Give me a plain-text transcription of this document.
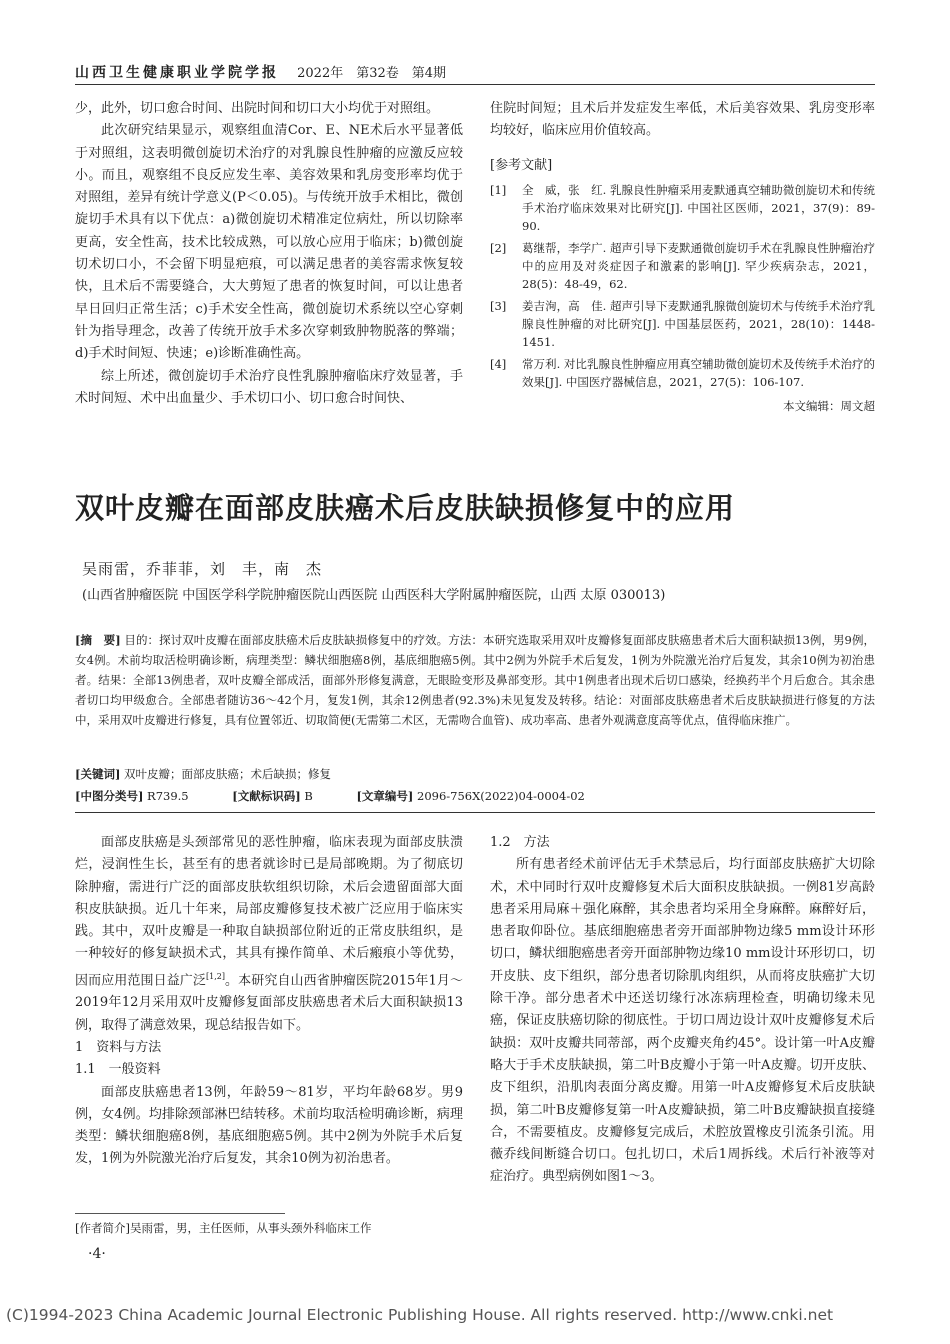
山西卫生健康职业学院学报 2022年　第32卷　第4期

少，此外，切口愈合时间、出院时间和切口大小均优于对照组。

此次研究结果显示，观察组血清Cor、E、NE术后水平显著低于对照组，这表明微创旋切术治疗的对乳腺良性肿瘤的应激反应较小。而且，观察组不良反应发生率、美容效果和乳房变形率均优于对照组，差异有统计学意义(P＜0.05)。与传统开放手术相比，微创旋切手术具有以下优点：a)微创旋切术精准定位病灶，所以切除率更高，安全性高，技术比较成熟，可以放心应用于临床；b)微创旋切术切口小，不会留下明显疤痕，可以满足患者的美容需求恢复较快，且术后不需要缝合，大大剪短了患者的恢复时间，可以让患者早日回归正常生活；c)手术安全性高，微创旋切术系统以空心穿刺针为指导理念，改善了传统开放手术多次穿刺致肿物脱落的弊端；d)手术时间短、快速；e)诊断准确性高。

综上所述，微创旋切手术治疗良性乳腺肿瘤临床疗效显著，手术时间短、术中出血量少、手术切口小、切口愈合时间快、

住院时间短；且术后并发症发生率低，术后美容效果、乳房变形率均较好，临床应用价值较高。

[参考文献]
[1]	全　威，张　红. 乳腺良性肿瘤采用麦默通真空辅助微创旋切术和传统手术治疗临床效果对比研究[J]. 中国社区医师，2021，37(9)：89-90.
[2]	葛继帮，李学广. 超声引导下麦默通微创旋切手术在乳腺良性肿瘤治疗中的应用及对炎症因子和激素的影响[J]. 罕少疾病杂志，2021，28(5)：48-49，62.
[3]	姜吉洵，高　佳. 超声引导下麦默通乳腺微创旋切术与传统手术治疗乳腺良性肿瘤的对比研究[J]. 中国基层医药，2021，28(10)：1448-1451.
[4]	常万利. 对比乳腺良性肿瘤应用真空辅助微创旋切术及传统手术治疗的效果[J]. 中国医疗器械信息，2021，27(5)：106-107.
本文编辑：周文超
双叶皮瓣在面部皮肤癌术后皮肤缺损修复中的应用
吴雨雷，乔菲菲，刘　丰，南　杰
(山西省肿瘤医院 中国医学科学院肿瘤医院山西医院 山西医科大学附属肿瘤医院，山西 太原 030013)
[摘　要] 目的：探讨双叶皮瓣在面部皮肤癌术后皮肤缺损修复中的疗效。方法：本研究选取采用双叶皮瓣修复面部皮肤癌患者术后大面积缺损13例，男9例，女4例。术前均取活检明确诊断，病理类型：鳞状细胞癌8例，基底细胞癌5例。其中2例为外院手术后复发，1例为外院激光治疗后复发，其余10例为初治患者。结果：全部13例患者，双叶皮瓣全部成活，面部外形修复满意，无眼睑变形及鼻部变形。其中1例患者出现术后切口感染，经换药半个月后愈合。其余患者切口均甲级愈合。全部患者随访36～42个月，复发1例，其余12例患者(92.3%)未见复发及转移。结论：对面部皮肤癌患者术后皮肤缺损进行修复的方法中，采用双叶皮瓣进行修复，具有位置邻近、切取简便(无需第二术区，无需吻合血管)、成功率高、患者外观满意度高等优点，值得临床推广。
[关键词] 双叶皮瓣；面部皮肤癌；术后缺损；修复
[中图分类号] R739.5	[文献标识码] B	[文章编号] 2096-756X(2022)04-0004-02

面部皮肤癌是头颈部常见的恶性肿瘤，临床表现为面部皮肤溃烂，浸润性生长，甚至有的患者就诊时已是局部晚期。为了彻底切除肿瘤，需进行广泛的面部皮肤软组织切除，术后会遗留面部大面积皮肤缺损。近几十年来，局部皮瓣修复技术被广泛应用于临床实践。其中，双叶皮瓣是一种取自缺损部位附近的正常皮肤组织，是一种较好的修复缺损术式，其具有操作简单、术后瘢痕小等优势，因而应用范围日益广泛[1,2]。本研究自山西省肿瘤医院2015年1月～2019年12月采用双叶皮瓣修复面部皮肤癌患者术后大面积缺损13例，取得了满意效果，现总结报告如下。

1　资料与方法

1.1　一般资料

面部皮肤癌患者13例，年龄59～81岁，平均年龄68岁。男9例，女4例。均排除颈部淋巴结转移。术前均取活检明确诊断，病理类型：鳞状细胞癌8例，基底细胞癌5例。其中2例为外院手术后复发，1例为外院激光治疗后复发，其余10例为初治患者。

1.2　方法

所有患者经术前评估无手术禁忌后，均行面部皮肤癌扩大切除术，术中同时行双叶皮瓣修复术后大面积皮肤缺损。一例81岁高龄患者采用局麻＋强化麻醉，其余患者均采用全身麻醉。麻醉好后，患者取仰卧位。基底细胞癌患者旁开面部肿物边缘5 mm设计环形切口，鳞状细胞癌患者旁开面部肿物边缘10 mm设计环形切口，切开皮肤、皮下组织，部分患者切除肌肉组织，从而将皮肤癌扩大切除干净。部分患者术中还送切缘行冰冻病理检查，明确切缘未见癌，保证皮肤癌切除的彻底性。于切口周边设计双叶皮瓣修复术后缺损：双叶皮瓣共同蒂部，两个皮瓣夹角约45°。设计第一叶A皮瓣略大于手术皮肤缺损，第二叶B皮瓣小于第一叶A皮瓣。切开皮肤、皮下组织，沿肌肉表面分离皮瓣。用第一叶A皮瓣修复术后皮肤缺损，第二叶B皮瓣修复第一叶A皮瓣缺损，第二叶B皮瓣缺损直接缝合，不需要植皮。皮瓣修复完成后，术腔放置橡皮引流条引流。用薇乔线间断缝合切口。包扎切口，术后1周拆线。术后行补液等对症治疗。典型病例如图1～3。

[作者简介]吴雨雷，男，主任医师，从事头颈外科临床工作
·4·
(C)1994-2023 China Academic Journal Electronic Publishing House. All rights reserved. http://www.cnki.net
